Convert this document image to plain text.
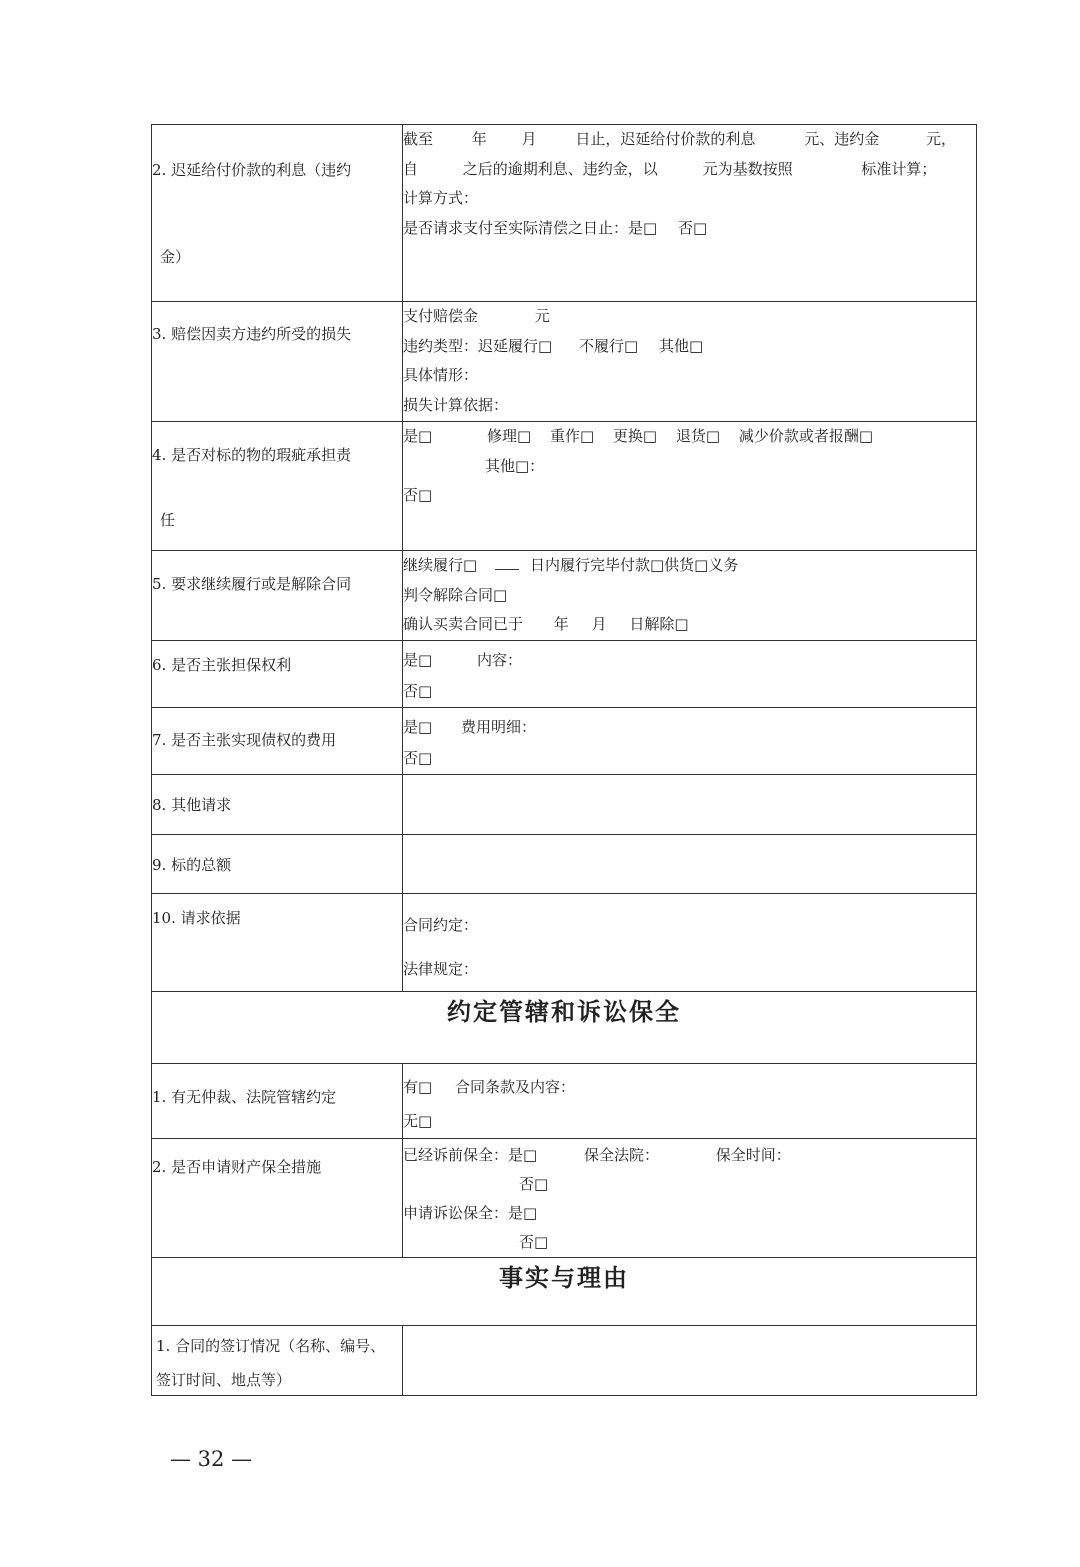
2. 迟延给付价款的利息（违约
金）	截至 年 月 日止，迟延给付价款的利息 元、违约金 元，
自 之后的逾期利息、违约金，以 元为基数按照 标准计算；
计算方式：
是否请求支付至实际清偿之日止：是□ 否□

3. 赔偿因卖方违约所受的损失	支付赔偿金 元
违约类型：迟延履行□ 不履行□ 其他□
具体情形：
损失计算依据：

4. 是否对标的物的瑕疵承担责
任	是□ 修理□ 重作□ 更换□ 退货□ 减少价款或者报酬□
其他□：
否□

5. 要求继续履行或是解除合同	继续履行□ 日内履行完毕付款□供货□义务
判令解除合同□
确认买卖合同已于 年 月 日解除□

6. 是否主张担保权利	是□ 内容：
否□

7. 是否主张实现债权的费用	是□ 费用明细：
否□

8. 其他请求	

9. 标的总额	

10. 请求依据	合同约定：
法律规定：

约定管辖和诉讼保全	

1. 有无仲裁、法院管辖约定	有□ 合同条款及内容：
无□

2. 是否申请财产保全措施	已经诉前保全：是□ 保全法院： 保全时间：
否□
申请诉讼保全：是□
否□

事实与理由	

1. 合同的签订情况（名称、编号、
签订时间、地点等）	

— 32 —
